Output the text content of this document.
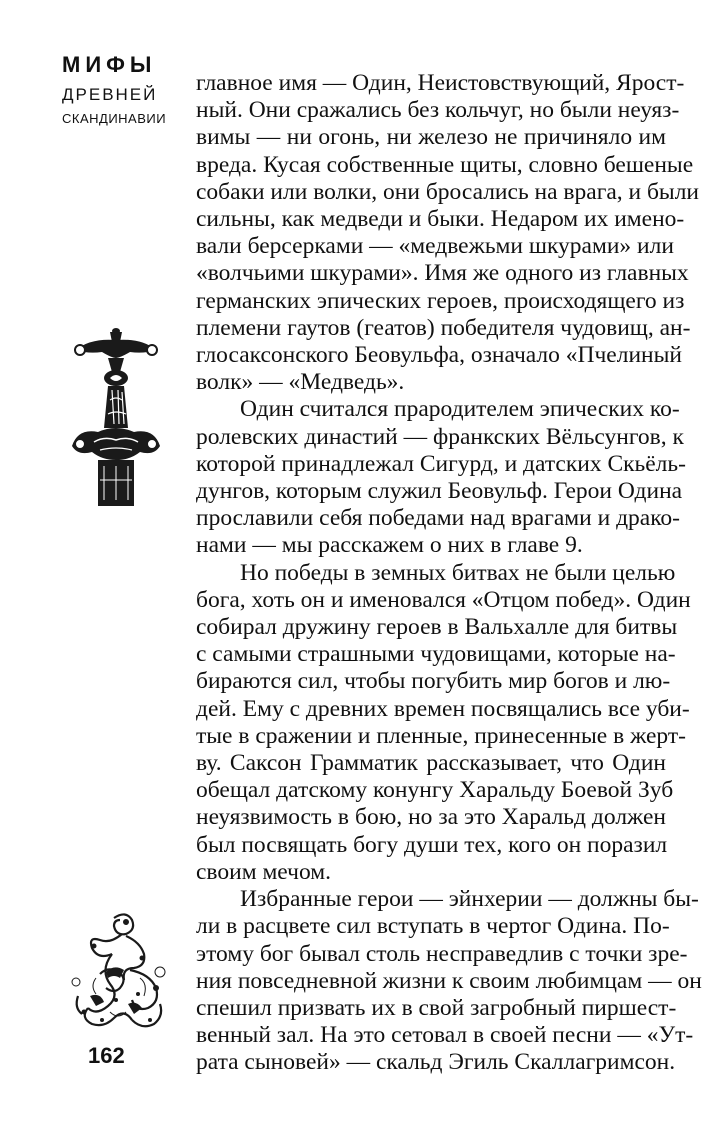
МИФЫ
ДРЕВНЕЙ
СКАНДИНАВИИ

главное имя — Один, Неистовствующий, Ярост-
ный. Они сражались без кольчуг, но были неуяз-
вимы — ни огонь, ни железо не причиняло им
вреда. Кусая собственные щиты, словно бешеные
собаки или волки, они бросались на врага, и были
сильны, как медведи и быки. Недаром их имено-
вали берсерками — «медвежьми шкурами» или
«волчьими шкурами». Имя же одного из главных
германских эпических героев, происходящего из
племени гаутов (геатов) победителя чудовищ, ан-
глосаксонского Беовульфа, означало «Пчелиный
волк» — «Медведь».

Один считался прародителем эпических ко-
ролевских династий — франкских Вёльсунгов, к
которой принадлежал Сигурд, и датских Скьёль-
дунгов, которым служил Беовульф. Герои Одина
прославили себя победами над врагами и драко-
нами — мы расскажем о них в главе 9.

Но победы в земных битвах не были целью
бога, хоть он и именовался «Отцом побед». Один
собирал дружину героев в Вальхалле для битвы
с самыми страшными чудовищами, которые на-
бираются сил, чтобы погубить мир богов и лю-
дей. Ему с древних времен посвящались все уби-
тые в сражении и пленные, принесенные в жерт-
ву. Саксон Грамматик рассказывает, что Один
обещал датскому конунгу Харальду Боевой Зуб
неуязвимость в бою, но за это Харальд должен
был посвящать богу души тех, кого он поразил
своим мечом.

Избранные герои — эйнхерии — должны бы-
ли в расцвете сил вступать в чертог Одина. По-
этому бог бывал столь несправедлив с точки зре-
ния повседневной жизни к своим любимцам — он
спешил призвать их в свой загробный пиршест-
венный зал. На это сетовал в своей песни — «Ут-
рата сыновей» — скальд Эгиль Скаллагримсон.

162
